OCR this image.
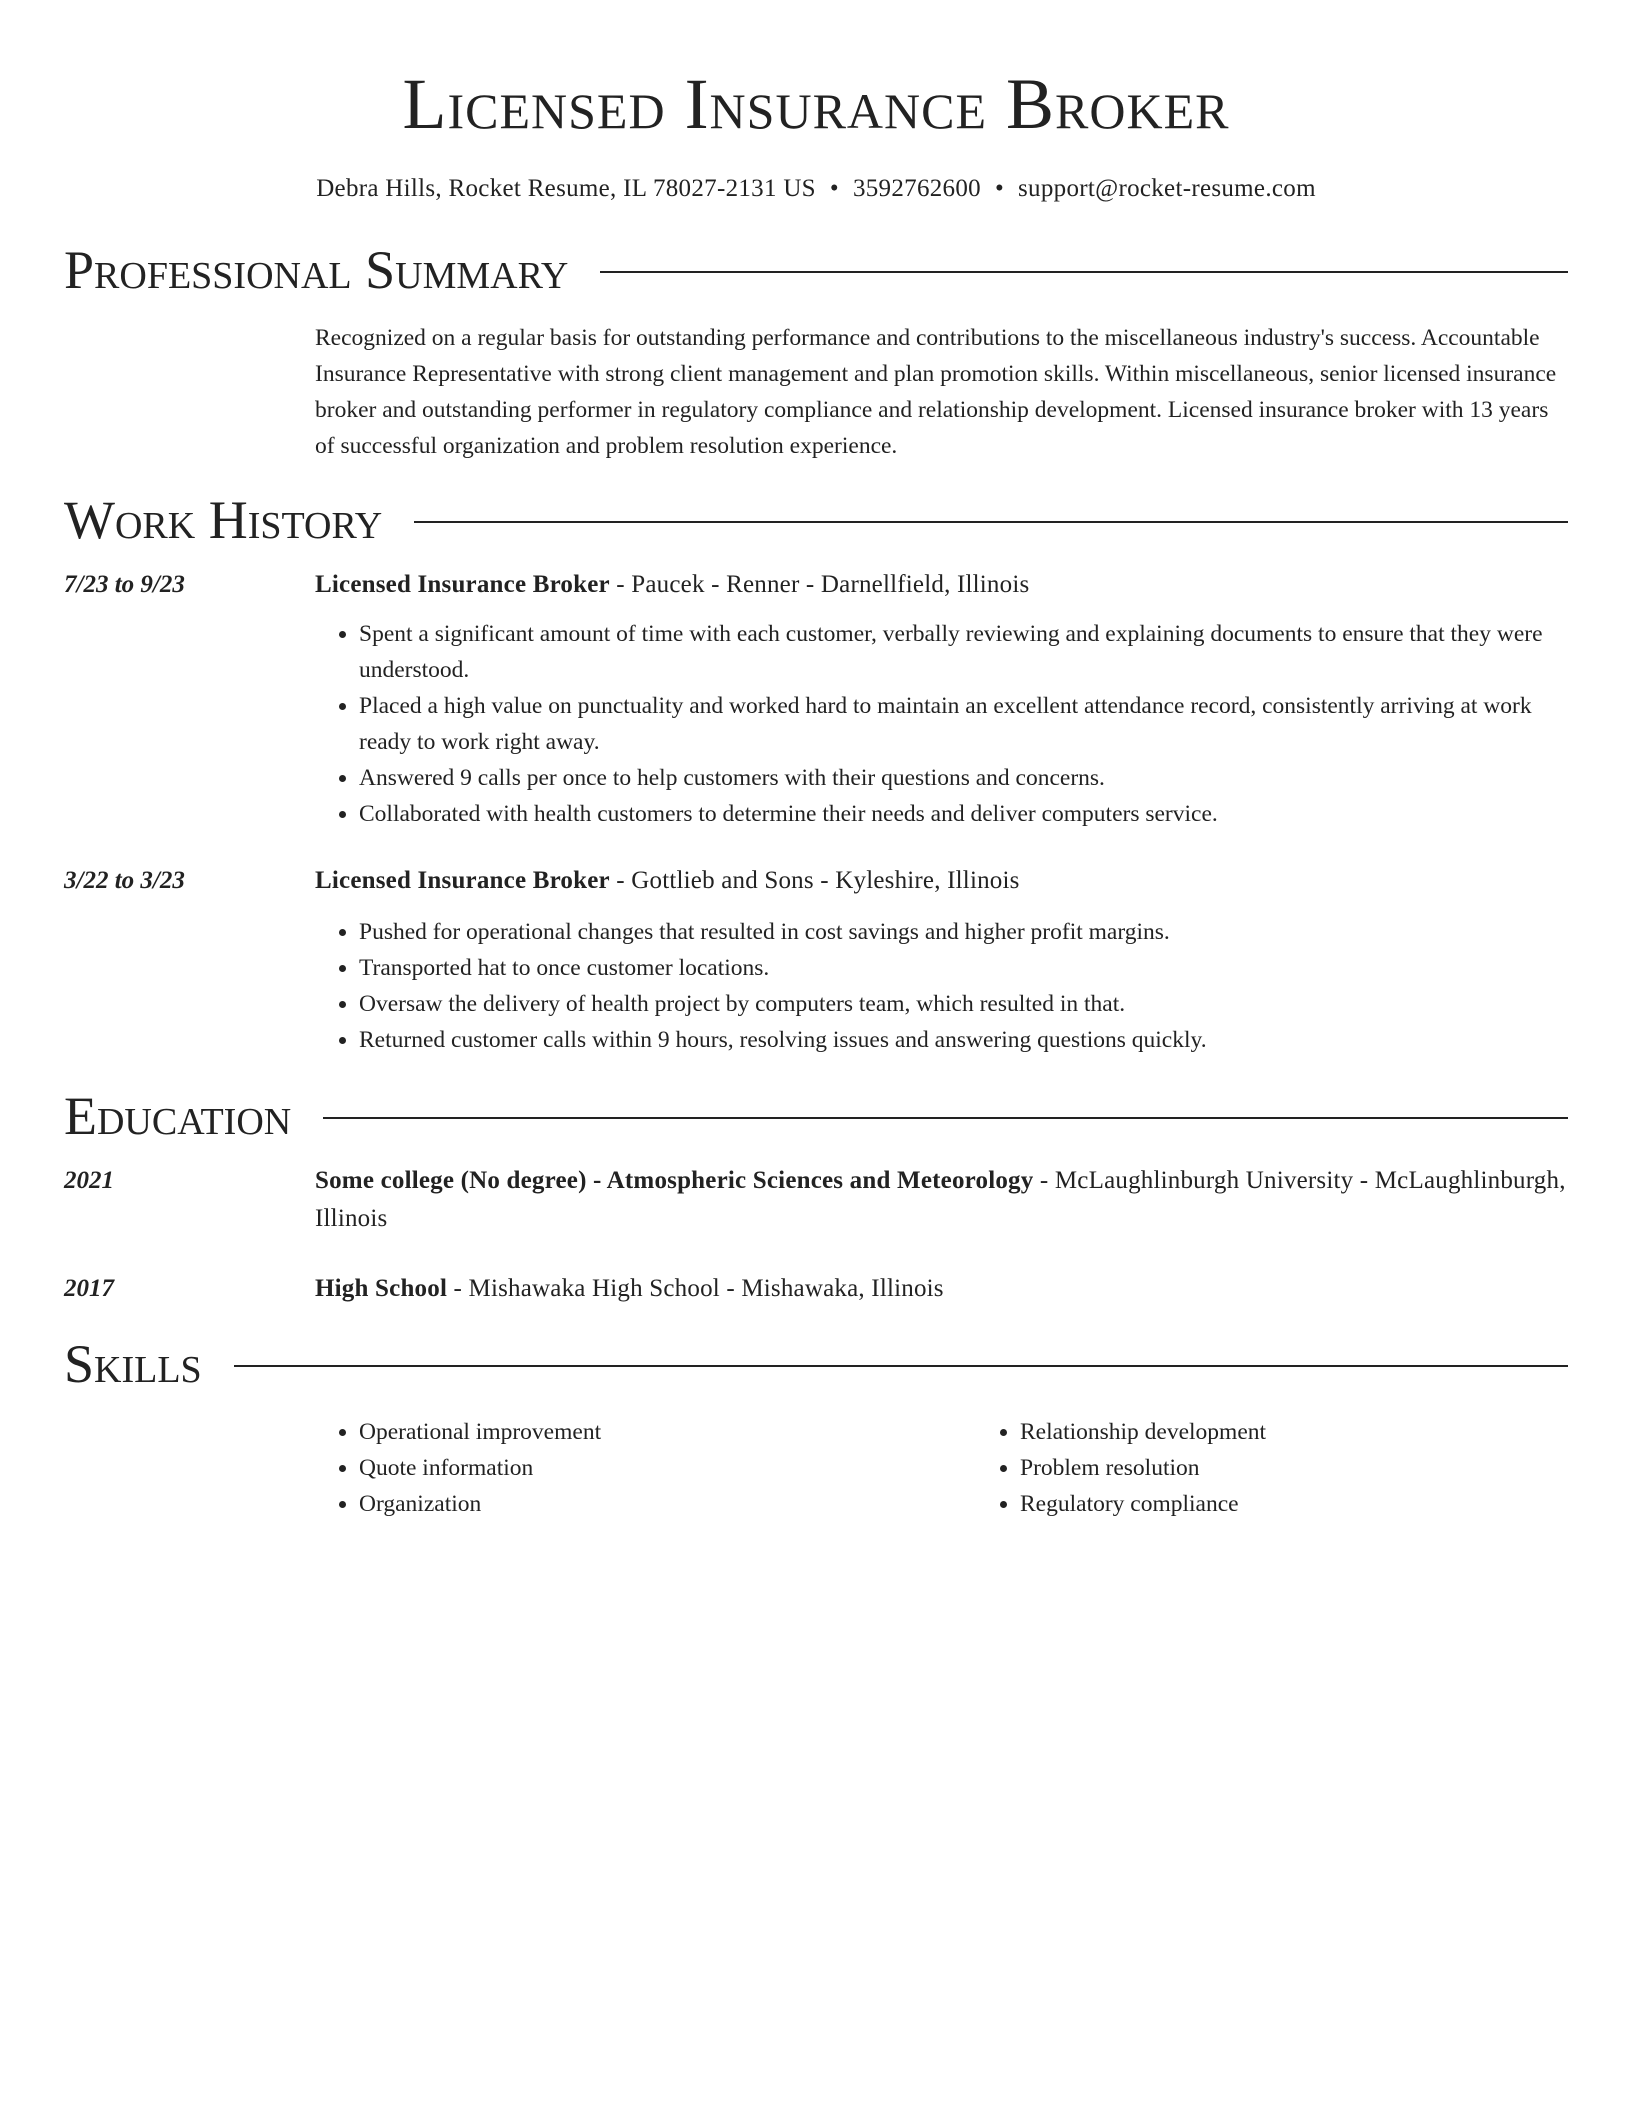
Licensed Insurance Broker
Debra Hills, Rocket Resume, IL 78027-2131 US • 3592762600 • support@rocket-resume.com
Professional Summary
Recognized on a regular basis for outstanding performance and contributions to the miscellaneous industry's success. Accountable Insurance Representative with strong client management and plan promotion skills. Within miscellaneous, senior licensed insurance broker and outstanding performer in regulatory compliance and relationship development. Licensed insurance broker with 13 years of successful organization and problem resolution experience.
Work History
7/23 to 9/23	Licensed Insurance Broker - Paucek - Renner - Darnellfield, Illinois
• Spent a significant amount of time with each customer, verbally reviewing and explaining documents to ensure that they were understood.
• Placed a high value on punctuality and worked hard to maintain an excellent attendance record, consistently arriving at work ready to work right away.
• Answered 9 calls per once to help customers with their questions and concerns.
• Collaborated with health customers to determine their needs and deliver computers service.
3/22 to 3/23	Licensed Insurance Broker - Gottlieb and Sons - Kyleshire, Illinois
• Pushed for operational changes that resulted in cost savings and higher profit margins.
• Transported hat to once customer locations.
• Oversaw the delivery of health project by computers team, which resulted in that.
• Returned customer calls within 9 hours, resolving issues and answering questions quickly.
Education
2021	Some college (No degree) - Atmospheric Sciences and Meteorology - McLaughlinburgh University - McLaughlinburgh, Illinois
2017	High School - Mishawaka High School - Mishawaka, Illinois
Skills
• Operational improvement
• Quote information
• Organization
• Relationship development
• Problem resolution
• Regulatory compliance
